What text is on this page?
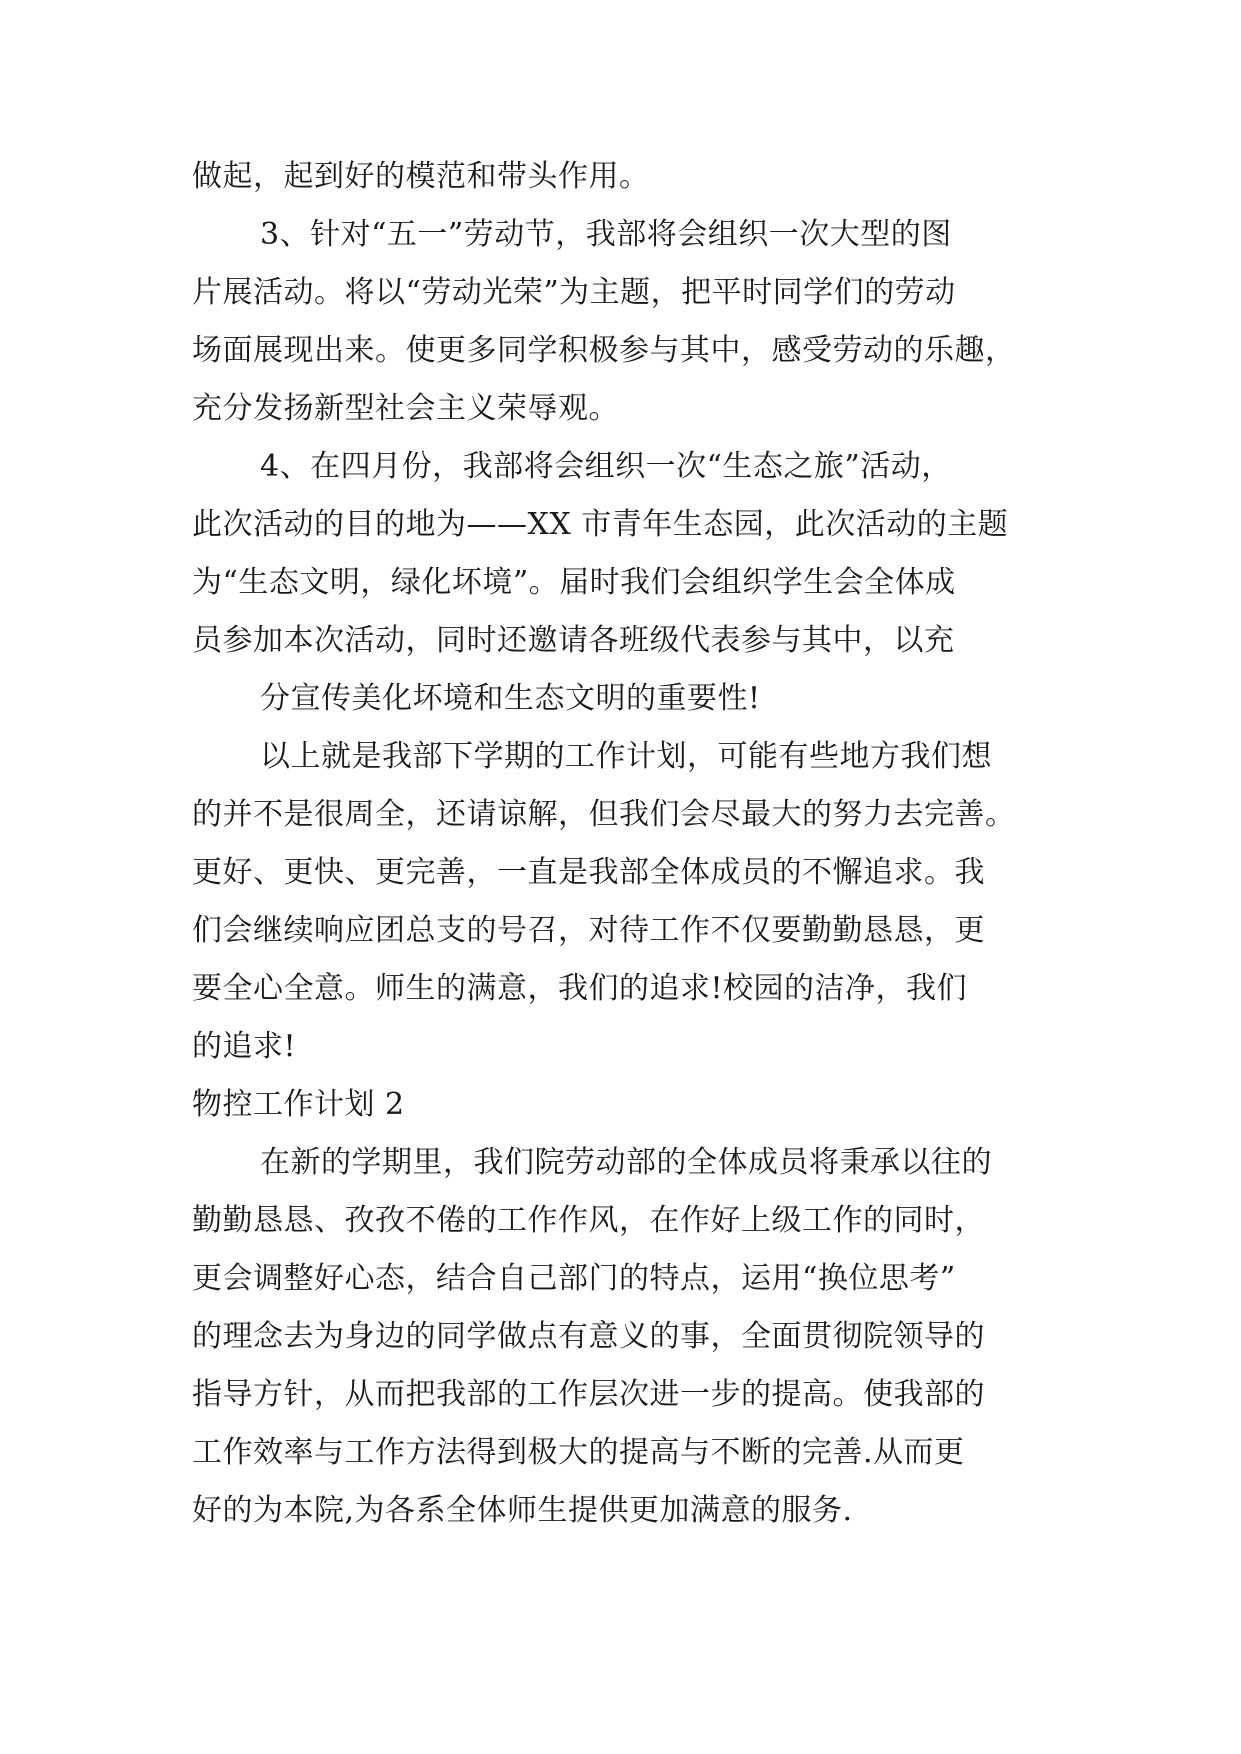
做起，起到好的模范和带头作用。
3、针对“五一”劳动节，我部将会组织一次大型的图
片展活动。将以“劳动光荣”为主题，把平时同学们的劳动
场面展现出来。使更多同学积极参与其中，感受劳动的乐趣，
充分发扬新型社会主义荣辱观。
4、在四月份，我部将会组织一次“生态之旅”活动，
此次活动的目的地为——XX 市青年生态园，此次活动的主题
为“生态文明，绿化坏境”。届时我们会组织学生会全体成
员参加本次活动，同时还邀请各班级代表参与其中，以充
分宣传美化坏境和生态文明的重要性!
以上就是我部下学期的工作计划，可能有些地方我们想
的并不是很周全，还请谅解，但我们会尽最大的努力去完善。
更好、更快、更完善，一直是我部全体成员的不懈追求。我
们会继续响应团总支的号召，对待工作不仅要勤勤恳恳，更
要全心全意。师生的满意，我们的追求!校园的洁净，我们
的追求!
物控工作计划 2
在新的学期里，我们院劳动部的全体成员将秉承以往的
勤勤恳恳、孜孜不倦的工作作风，在作好上级工作的同时，
更会调整好心态，结合自己部门的特点，运用“换位思考”
的理念去为身边的同学做点有意义的事，全面贯彻院领导的
指导方针，从而把我部的工作层次进一步的提高。使我部的
工作效率与工作方法得到极大的提高与不断的完善.从而更
好的为本院,为各系全体师生提供更加满意的服务.
